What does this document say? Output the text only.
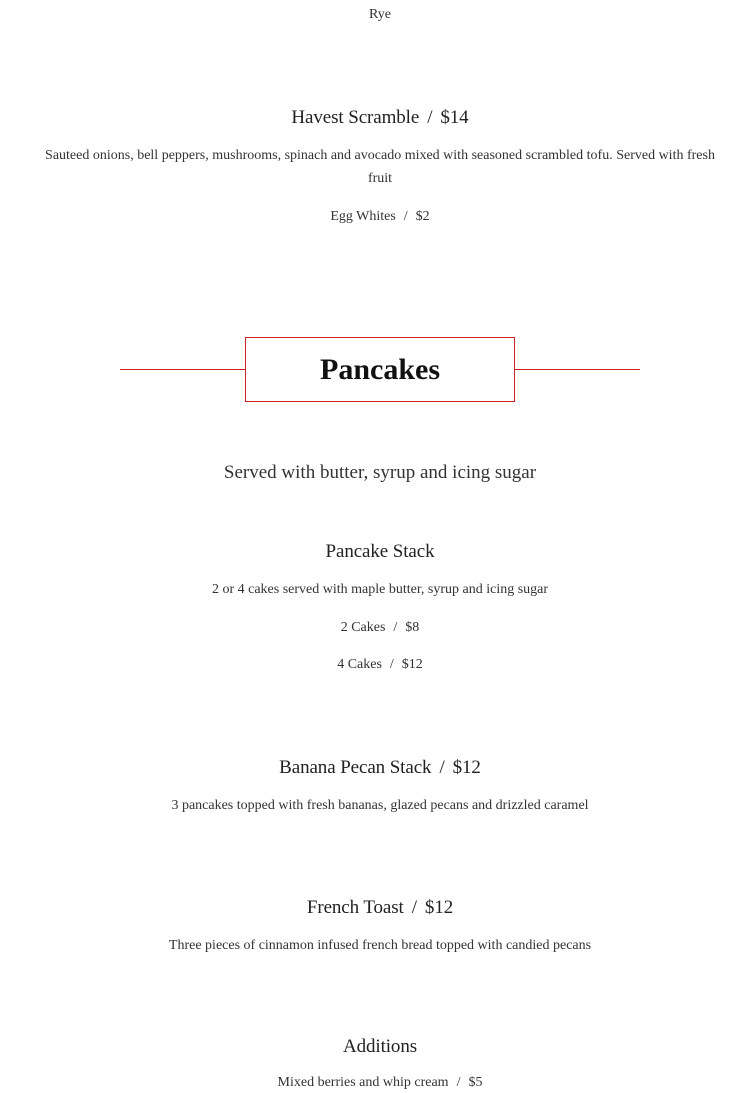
Rye
Havest Scramble / $14
Sauteed onions, bell peppers, mushrooms, spinach and avocado mixed with seasoned scrambled tofu. Served with fresh fruit
Egg Whites / $2
Pancakes
Served with butter, syrup and icing sugar
Pancake Stack
2 or 4 cakes served with maple butter, syrup and icing sugar
2 Cakes / $8
4 Cakes / $12
Banana Pecan Stack / $12
3 pancakes topped with fresh bananas, glazed pecans and drizzled caramel
French Toast / $12
Three pieces of cinnamon infused french bread topped with candied pecans
Additions
Mixed berries and whip cream / $5
